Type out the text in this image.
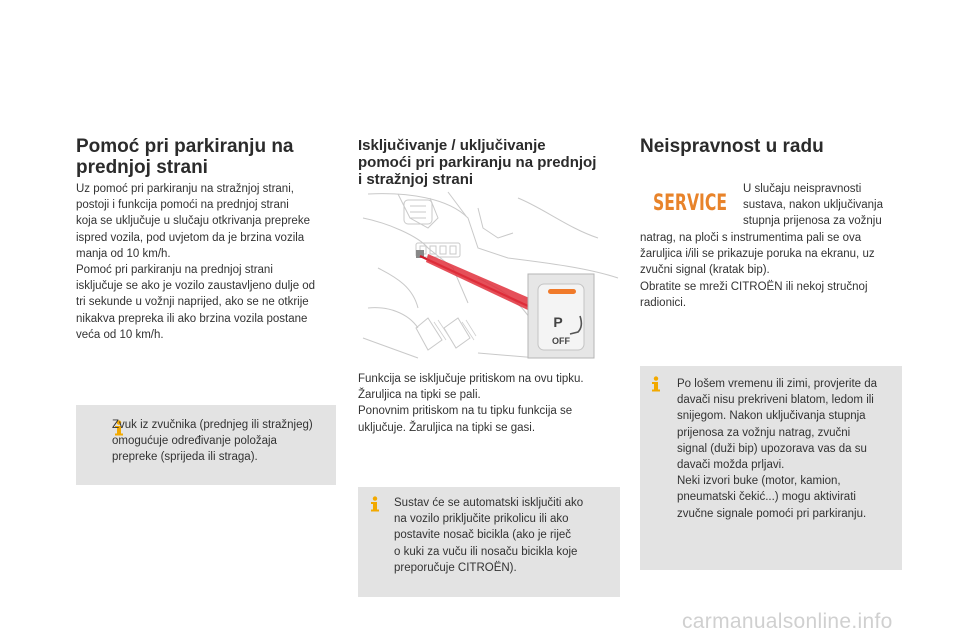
Pomoć pri parkiranju na
prednjoj strani
Uz pomoć pri parkiranju na stražnjoj strani,
postoji i funkcija pomoći na prednjoj strani
koja se uključuje u slučaju otkrivanja prepreke
ispred vozila, pod uvjetom da je brzina vozila
manja od 10 km/h.
Pomoć pri parkiranju na prednjoj strani
isključuje se ako je vozilo zaustavljeno dulje od
tri sekunde u vožnji naprijed, ako se ne otkrije
nikakva prepreka ili ako brzina vozila postane
veća od 10 km/h.
Zvuk iz zvučnika (prednjeg ili stražnjeg)
omogućuje određivanje položaja
prepreke (sprijeda ili straga).
Isključivanje / uključivanje
pomoći pri parkiranju na prednjoj
i stražnjoj strani
P
OFF
Funkcija se isključuje pritiskom na ovu tipku.
Žaruljica na tipki se pali.
Ponovnim pritiskom na tu tipku funkcija se
uključuje. Žaruljica na tipki se gasi.
Sustav će se automatski isključiti ako
na vozilo priključite prikolicu ili ako
postavite nosač bicikla (ako je riječ
o kuki za vuču ili nosaču bicikla koje
preporučuje CITROËN).
Neispravnost u radu
SERVICE
U slučaju neispravnosti
sustava, nakon uključivanja
stupnja prijenosa za vožnju
natrag, na ploči s instrumentima pali se ova
žaruljica i/ili se prikazuje poruka na ekranu, uz
zvučni signal (kratak bip).
Obratite se mreži CITROËN ili nekoj stručnoj
radionici.
Po lošem vremenu ili zimi, provjerite da
davači nisu prekriveni blatom, ledom ili
snijegom. Nakon uključivanja stupnja
prijenosa za vožnju natrag, zvučni
signal (duži bip) upozorava vas da su
davači možda prljavi.
Neki izvori buke (motor, kamion,
pneumatski čekić...) mogu aktivirati
zvučne signale pomoći pri parkiranju.
carmanualsonline.info
